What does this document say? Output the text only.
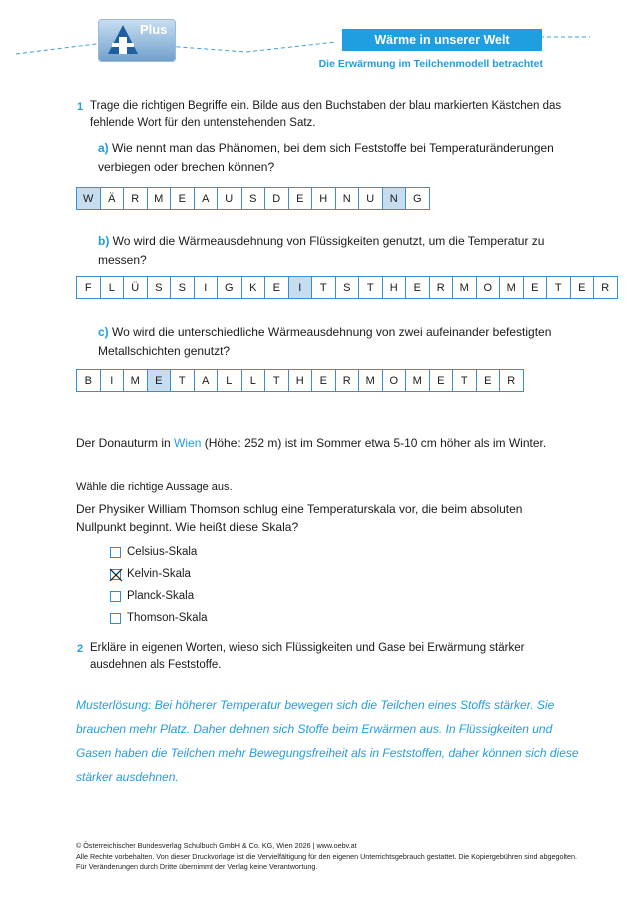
Plus
Wärme in unserer Welt
Die Erwärmung im Teilchenmodell betrachtet
1 Trage die richtigen Begriffe ein. Bilde aus den Buchstaben der blau markierten Kästchen das fehlende Wort für den untenstehenden Satz.
a) Wie nennt man das Phänomen, bei dem sich Feststoffe bei Temperaturänderungen verbiegen oder brechen können?
W	Ä	R	M	E	A	U	S	D	E	H	N	U	N	G
b) Wo wird die Wärmeausdehnung von Flüssigkeiten genutzt, um die Temperatur zu messen?
F	L	Ü	S	S	I	G	K	E	I	T	S	T	H	E	R	M	O	M	E	T	E	R
c) Wo wird die unterschiedliche Wärmeausdehnung von zwei aufeinander befestigten Metallschichten genutzt?
B	I	M	E	T	A	L	L	T	H	E	R	M	O	M	E	T	E	R
Der Donauturm in Wien (Höhe: 252 m) ist im Sommer etwa 5-10 cm höher als im Winter.
Wähle die richtige Aussage aus.
Der Physiker William Thomson schlug eine Temperaturskala vor, die beim absoluten Nullpunkt beginnt. Wie heißt diese Skala?
Celsius-Skala
Kelvin-Skala
Planck-Skala
Thomson-Skala
2 Erkläre in eigenen Worten, wieso sich Flüssigkeiten und Gase bei Erwärmung stärker ausdehnen als Feststoffe.
Musterlösung: Bei höherer Temperatur bewegen sich die Teilchen eines Stoffs stärker. Sie
brauchen mehr Platz. Daher dehnen sich Stoffe beim Erwärmen aus. In Flüssigkeiten und
Gasen haben die Teilchen mehr Bewegungsfreiheit als in Feststoffen, daher können sich diese
stärker ausdehnen.
© Österreichischer Bundesverlag Schulbuch GmbH & Co. KG, Wien 2026 | www.oebv.at
Alle Rechte vorbehalten. Von dieser Druckvorlage ist die Vervielfältigung für den eigenen Unterrichtsgebrauch gestattet. Die Kopiergebühren sind abgegolten.
Für Veränderungen durch Dritte übernimmt der Verlag keine Verantwortung.
